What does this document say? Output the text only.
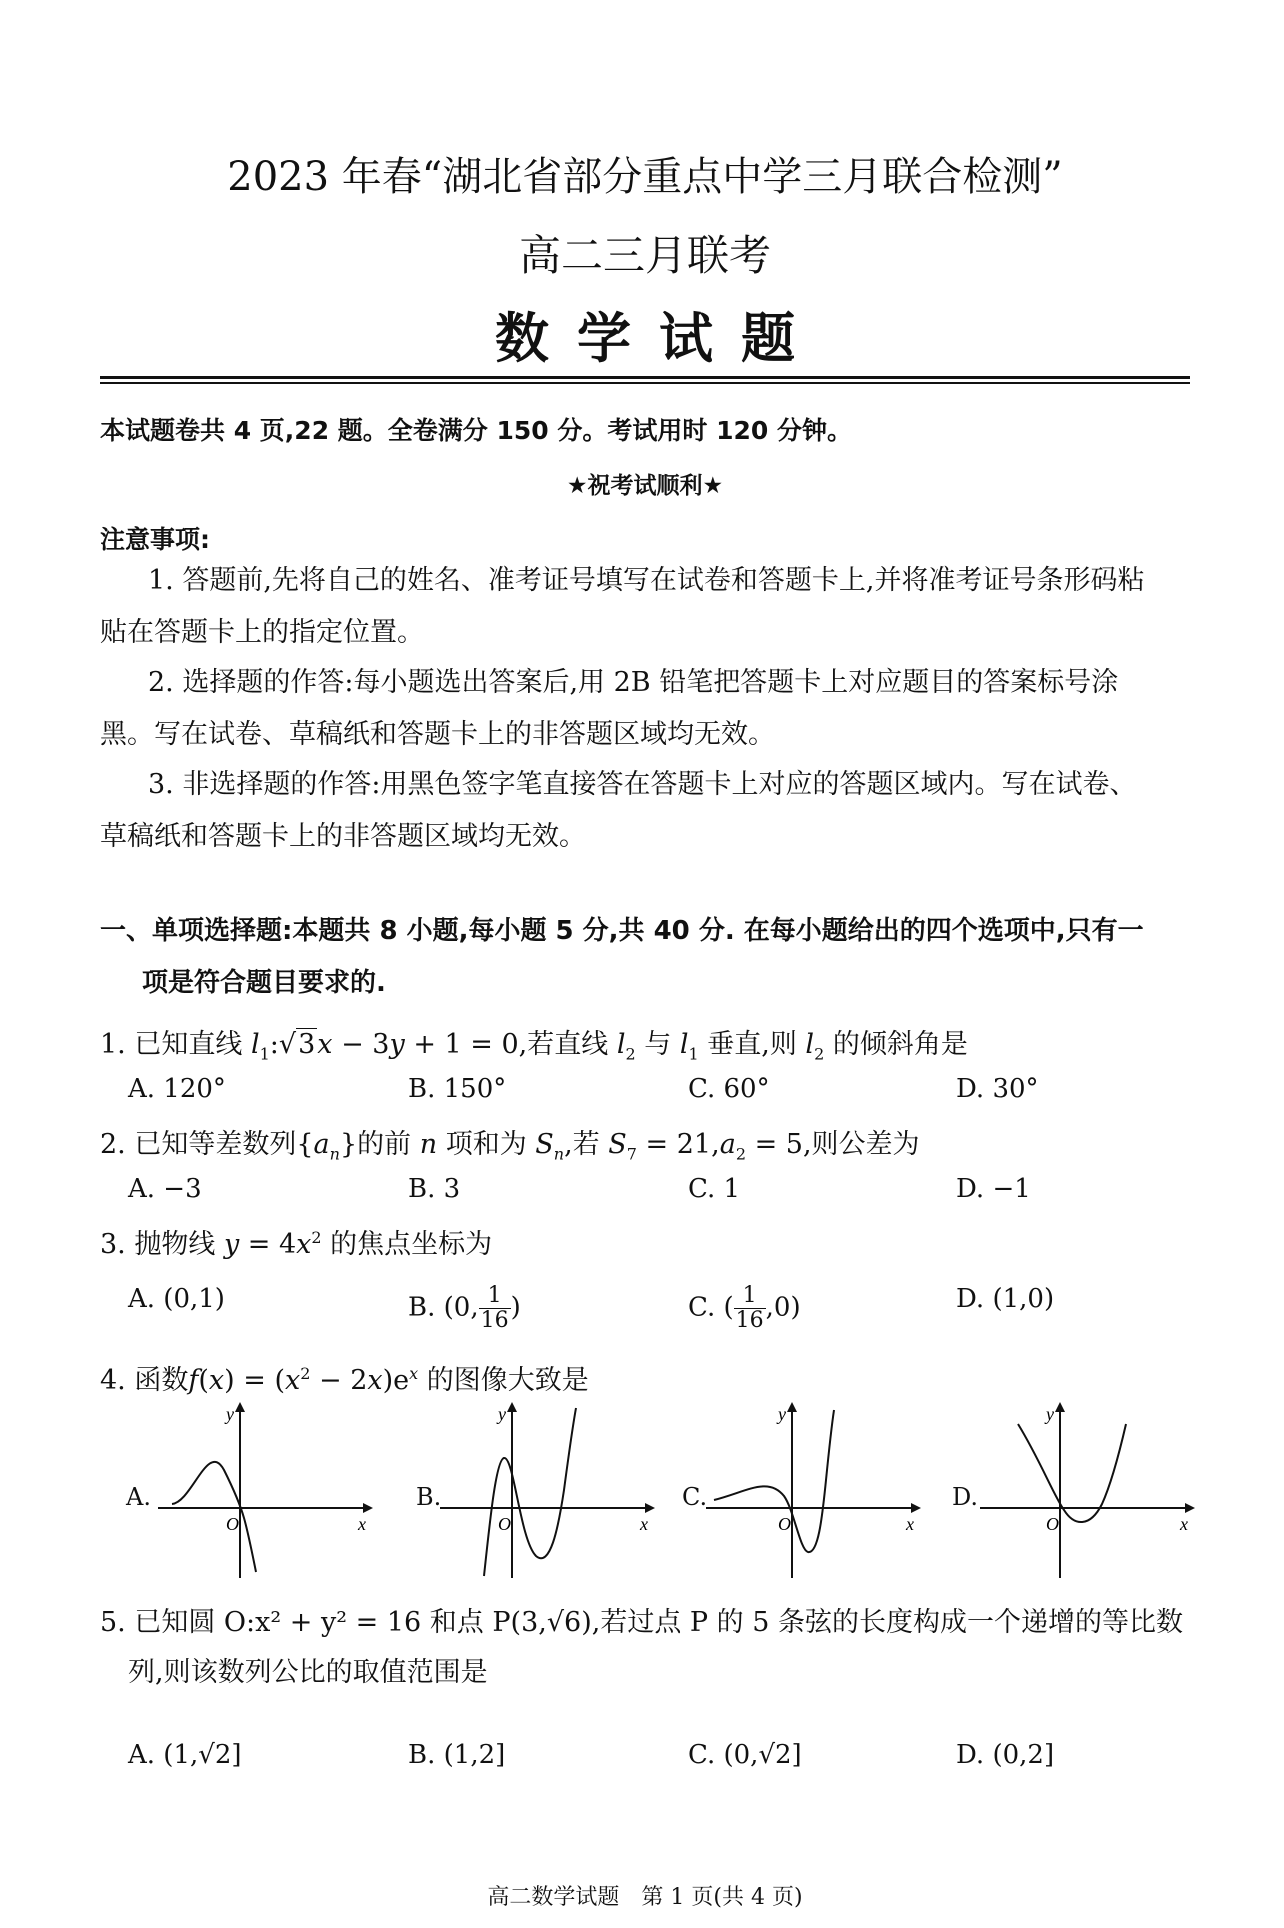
2023 年春“湖北省部分重点中学三月联合检测”
高二三月联考
数学试题
本试题卷共 4 页,22 题。全卷满分 150 分。考试用时 120 分钟。
★祝考试顺利★
注意事项:
1. 答题前,先将自己的姓名、准考证号填写在试卷和答题卡上,并将准考证号条形码粘
贴在答题卡上的指定位置。
2. 选择题的作答:每小题选出答案后,用 2B 铅笔把答题卡上对应题目的答案标号涂
黑。写在试卷、草稿纸和答题卡上的非答题区域均无效。
3. 非选择题的作答:用黑色签字笔直接答在答题卡上对应的答题区域内。写在试卷、
草稿纸和答题卡上的非答题区域均无效。
一、单项选择题:本题共 8 小题,每小题 5 分,共 40 分. 在每小题给出的四个选项中,只有一
项是符合题目要求的.
1. 已知直线 $l_1:√3x - 3y + 1 = 0$,若直线 $l_2$ 与 $l_1$ 垂直,则 $l_2$ 的倾斜角是
A. 120°	B. 150°	C. 60°	D. 30°
2. 已知等差数列$\{a_n\}$的前 n 项和为 $S_n$,若 $S_7 = 21,a_2 = 5$,则公差为
A. −3	B. 3	C. 1	D. −1
3. 抛物线 $y = 4x^2$ 的焦点坐标为
A. (0,1)	B. (0, $\frac{1}{16}$ )	C. ( $\frac{1}{16} ,0$)	D. (1,0)
4. 函数$f(x) = (x^2 - 2x)e^x$ 的图像大致是
A.
y
x
O
B.
y
x
O
C.
y
x
O
D.
y
x
O
5. 已知圆 O:x² + y² = 16 和点 P(3,√6),若过点 P 的 5 条弦的长度构成一个递增的等比数
列,则该数列公比的取值范围是
A. (1,√2]	B. (1,2]	C. (0,√2]	D. (0,2]
高二数学试题　第 1 页(共 4 页)
